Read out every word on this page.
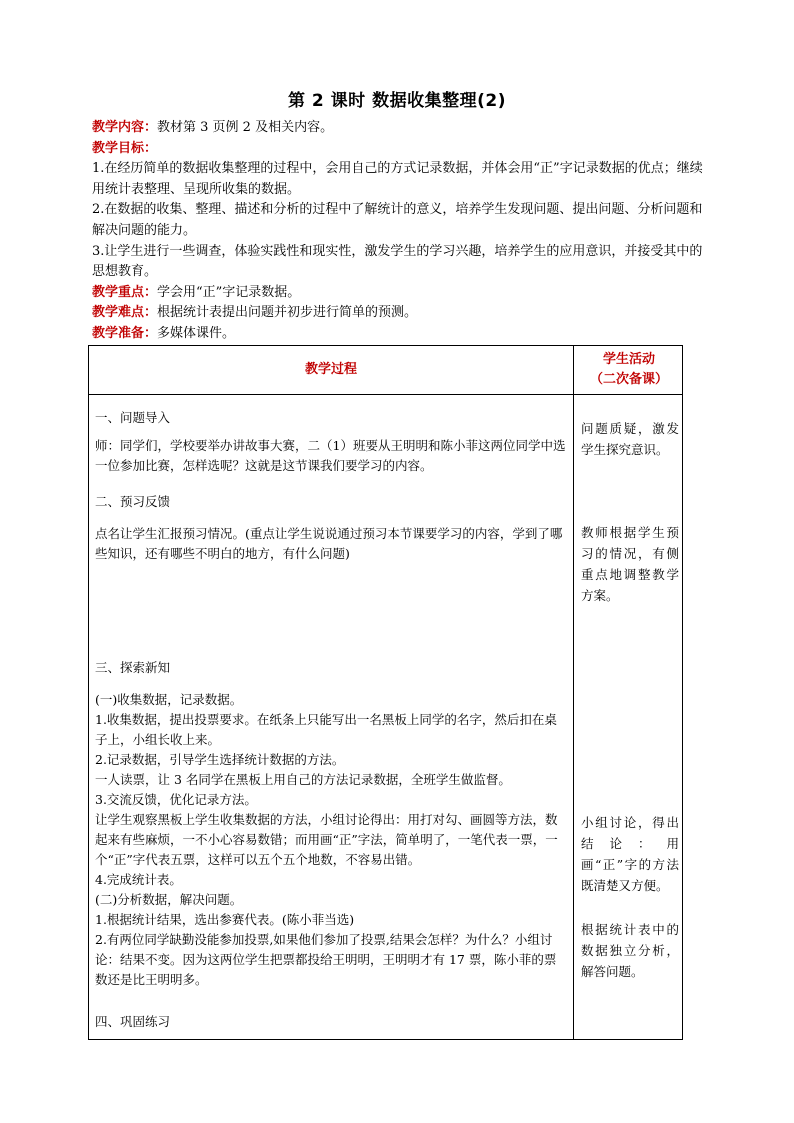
第 2 课时 数据收集整理(2)

教学内容：教材第 3 页例 2 及相关内容。

教学目标：

1.在经历简单的数据收集整理的过程中，会用自己的方式记录数据，并体会用“正”字记录数据的优点；继续用统计表整理、呈现所收集的数据。

2.在数据的收集、整理、描述和分析的过程中了解统计的意义，培养学生发现问题、提出问题、分析问题和解决问题的能力。

3.让学生进行一些调查，体验实践性和现实性，激发学生的学习兴趣，培养学生的应用意识，并接受其中的思想教育。

教学重点：学会用“正”字记录数据。

教学难点：根据统计表提出问题并初步进行简单的预测。

教学准备：多媒体课件。

教学过程
学生活动
（二次备课）

一、问题导入

师：同学们，学校要举办讲故事大赛，二（1）班要从王明明和陈小菲这两位同学中选一位参加比赛，怎样选呢？这就是这节课我们要学习的内容。

二、预习反馈

点名让学生汇报预习情况。(重点让学生说说通过预习本节课要学习的内容，学到了哪些知识，还有哪些不明白的地方，有什么问题)

三、探索新知

(一)收集数据，记录数据。

1.收集数据，提出投票要求。在纸条上只能写出一名黑板上同学的名字，然后扣在桌子上，小组长收上来。

2.记录数据，引导学生选择统计数据的方法。

一人读票，让 3 名同学在黑板上用自己的方法记录数据，全班学生做监督。

3.交流反馈，优化记录方法。

让学生观察黑板上学生收集数据的方法，小组讨论得出：用打对勾、画圆等方法，数起来有些麻烦，一不小心容易数错；而用画“正”字法，简单明了，一笔代表一票，一个“正”字代表五票，这样可以五个五个地数，不容易出错。

4.完成统计表。

(二)分析数据，解决问题。

1.根据统计结果，选出参赛代表。(陈小菲当选)

2.有两位同学缺勤没能参加投票,如果他们参加了投票,结果会怎样？为什么？小组讨论：结果不变。因为这两位学生把票都投给王明明，王明明才有 17 票，陈小菲的票数还是比王明明多。

四、巩固练习

问题质疑，激发学生探究意识。

教师根据学生预习的情况，有侧重点地调整教学方案。

小组讨论，得出结论：用画“正”字的方法既清楚又方便。

根据统计表中的数据独立分析，解答问题。
